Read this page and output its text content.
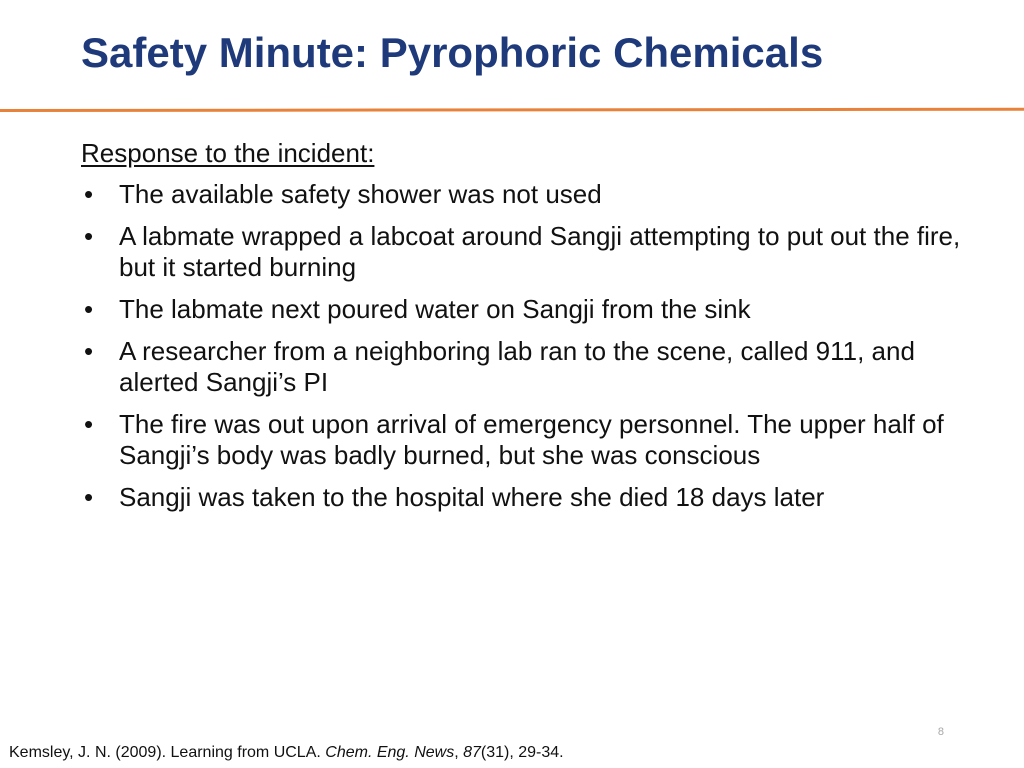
Safety Minute: Pyrophoric Chemicals
Response to the incident:
• The available safety shower was not used
• A labmate wrapped a labcoat around Sangji attempting to put out the fire, but it started burning
• The labmate next poured water on Sangji from the sink
• A researcher from a neighboring lab ran to the scene, called 911, and alerted Sangji’s PI
• The fire was out upon arrival of emergency personnel. The upper half of Sangji’s body was badly burned, but she was conscious
• Sangji was taken to the hospital where she died 18 days later
8
Kemsley, J. N. (2009). Learning from UCLA. Chem. Eng. News, 87(31), 29-34.
